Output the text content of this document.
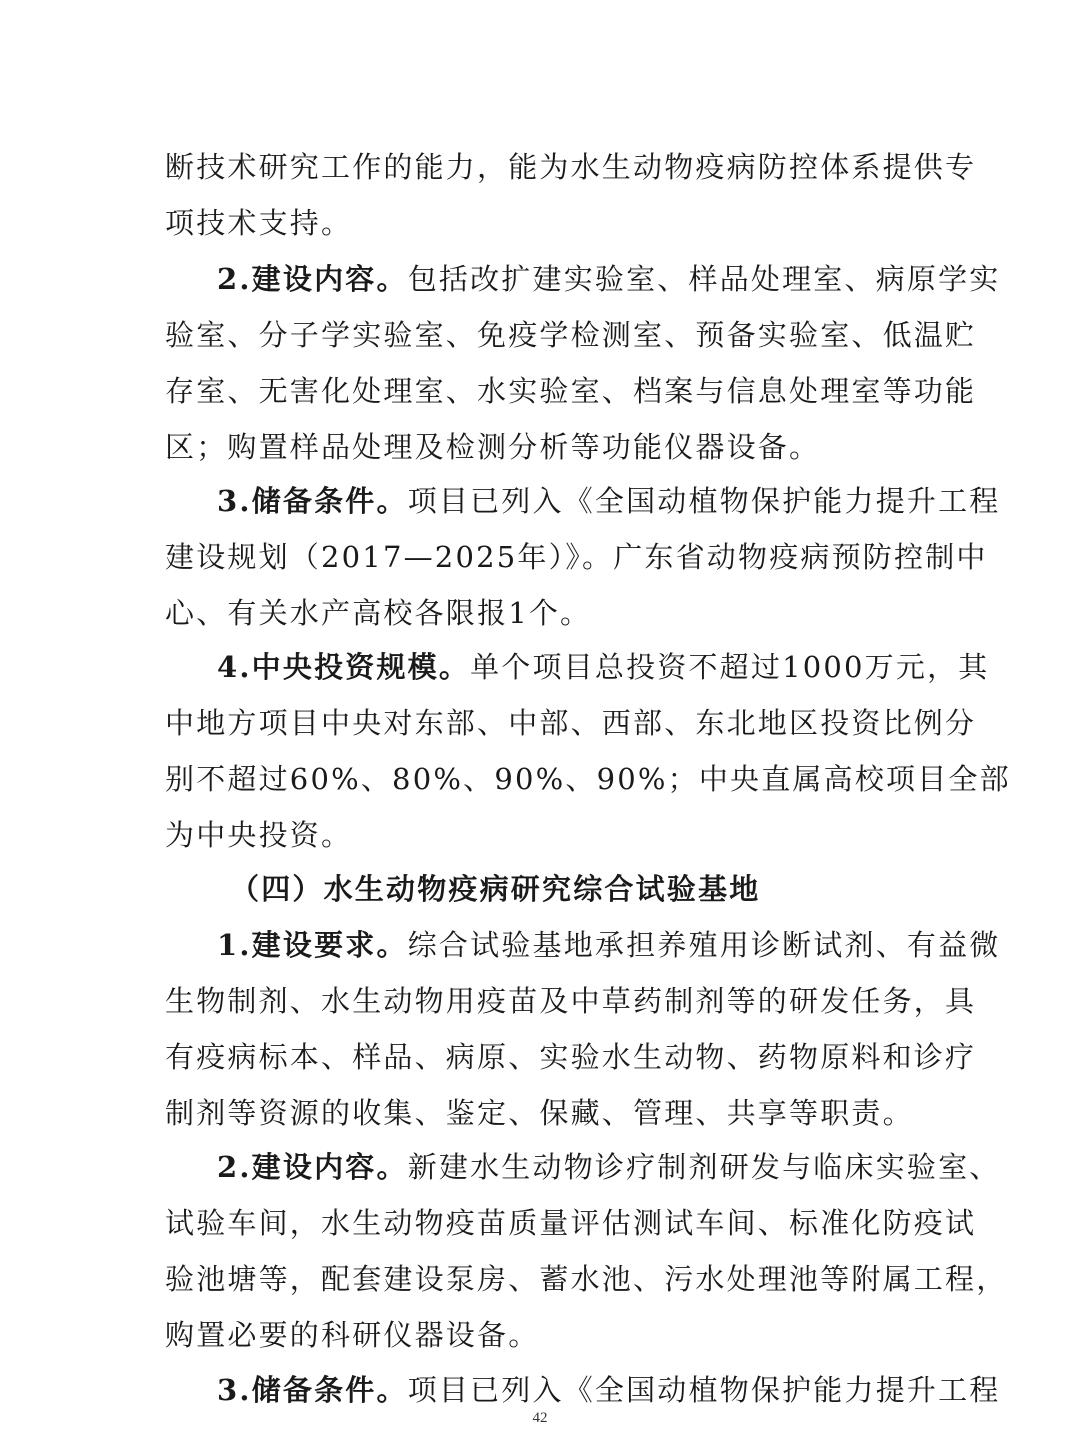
断技术研究工作的能力，能为水生动物疫病防控体系提供专
项技术支持。
2.建设内容。包括改扩建实验室、样品处理室、病原学实
验室、分子学实验室、免疫学检测室、预备实验室、低温贮
存室、无害化处理室、水实验室、档案与信息处理室等功能
区；购置样品处理及检测分析等功能仪器设备。
3.储备条件。项目已列入《全国动植物保护能力提升工程
建设规划（2017—2025年）》。广东省动物疫病预防控制中
心、有关水产高校各限报1个。
4.中央投资规模。单个项目总投资不超过1000万元，其
中地方项目中央对东部、中部、西部、东北地区投资比例分
别不超过60%、80%、90%、90%；中央直属高校项目全部
为中央投资。
（四）水生动物疫病研究综合试验基地
1.建设要求。综合试验基地承担养殖用诊断试剂、有益微
生物制剂、水生动物用疫苗及中草药制剂等的研发任务，具
有疫病标本、样品、病原、实验水生动物、药物原料和诊疗
制剂等资源的收集、鉴定、保藏、管理、共享等职责。
2.建设内容。新建水生动物诊疗制剂研发与临床实验室、
试验车间，水生动物疫苗质量评估测试车间、标准化防疫试
验池塘等，配套建设泵房、蓄水池、污水处理池等附属工程，
购置必要的科研仪器设备。
3.储备条件。项目已列入《全国动植物保护能力提升工程
42
